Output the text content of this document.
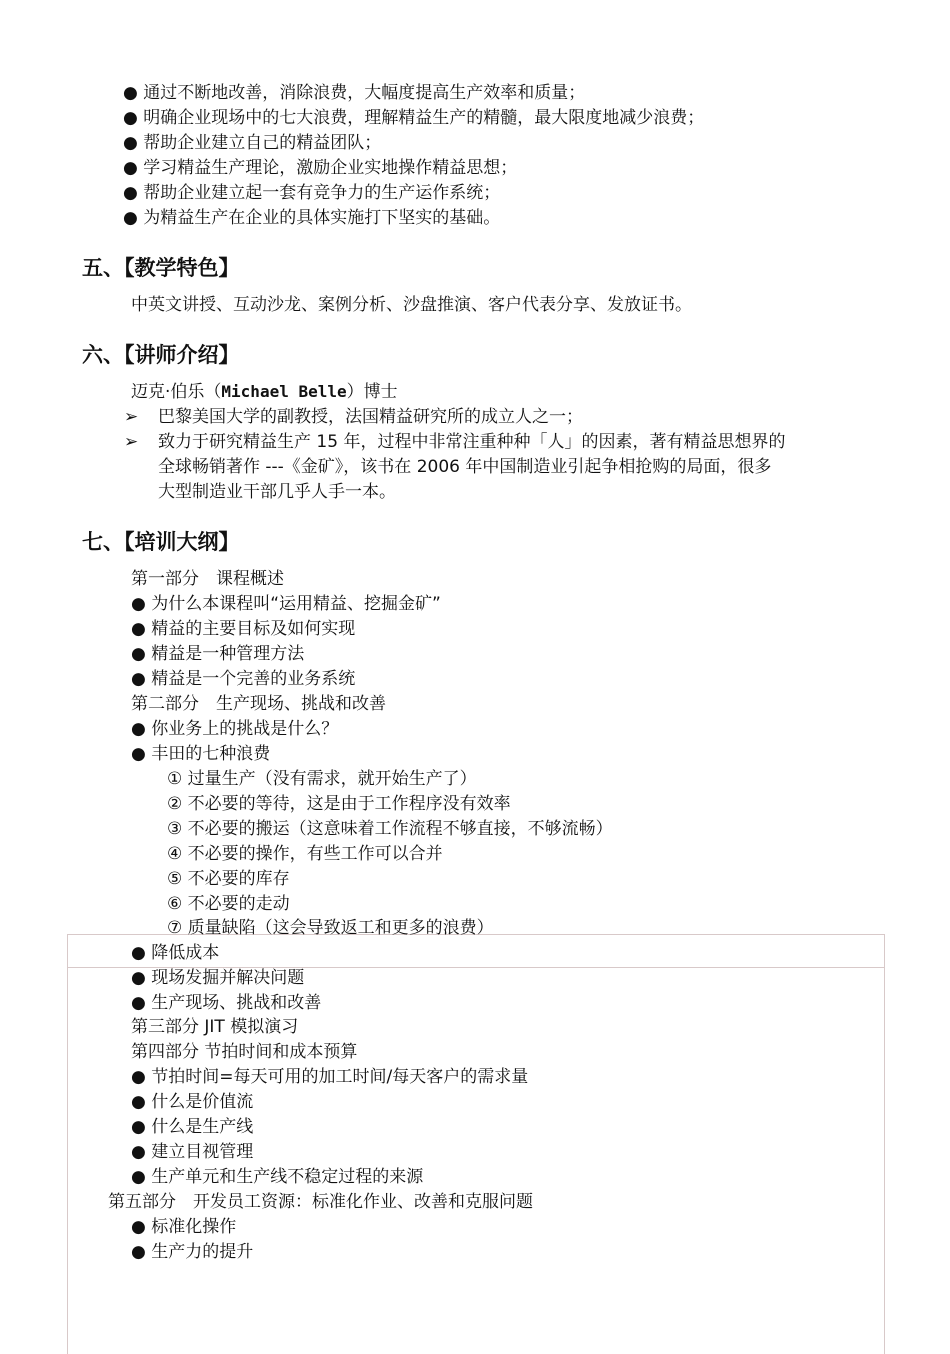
● 通过不断地改善，消除浪费，大幅度提高生产效率和质量；
● 明确企业现场中的七大浪费，理解精益生产的精髓，最大限度地减少浪费；
● 帮助企业建立自己的精益团队；
● 学习精益生产理论，激励企业实地操作精益思想；
● 帮助企业建立起一套有竞争力的生产运作系统；
● 为精益生产在企业的具体实施打下坚实的基础。
五、【教学特色】
中英文讲授、互动沙龙、案例分析、沙盘推演、客户代表分享、发放证书。
六、【讲师介绍】
迈克·伯乐（Michael Belle）博士
➢ 巴黎美国大学的副教授，法国精益研究所的成立人之一；
➢ 致力于研究精益生产 15 年，过程中非常注重种种「人」的因素，著有精益思想界的
全球畅销著作 ---《金矿》，该书在 2006 年中国制造业引起争相抢购的局面，很多
大型制造业干部几乎人手一本。
七、【培训大纲】
第一部分　课程概述
● 为什么本课程叫“运用精益、挖掘金矿”
● 精益的主要目标及如何实现
● 精益是一种管理方法
● 精益是一个完善的业务系统
第二部分　生产现场、挑战和改善
● 你业务上的挑战是什么？
● 丰田的七种浪费
① 过量生产（没有需求，就开始生产了）
② 不必要的等待，这是由于工作程序没有效率
③ 不必要的搬运（这意味着工作流程不够直接，不够流畅）
④ 不必要的操作，有些工作可以合并
⑤ 不必要的库存
⑥ 不必要的走动
⑦ 质量缺陷（这会导致返工和更多的浪费）
● 降低成本
● 现场发掘并解决问题
● 生产现场、挑战和改善
第三部分 JIT 模拟演习
第四部分 节拍时间和成本预算
● 节拍时间=每天可用的加工时间/每天客户的需求量
● 什么是价值流
● 什么是生产线
● 建立目视管理
● 生产单元和生产线不稳定过程的来源
第五部分　开发员工资源：标准化作业、改善和克服问题
● 标准化操作
● 生产力的提升
